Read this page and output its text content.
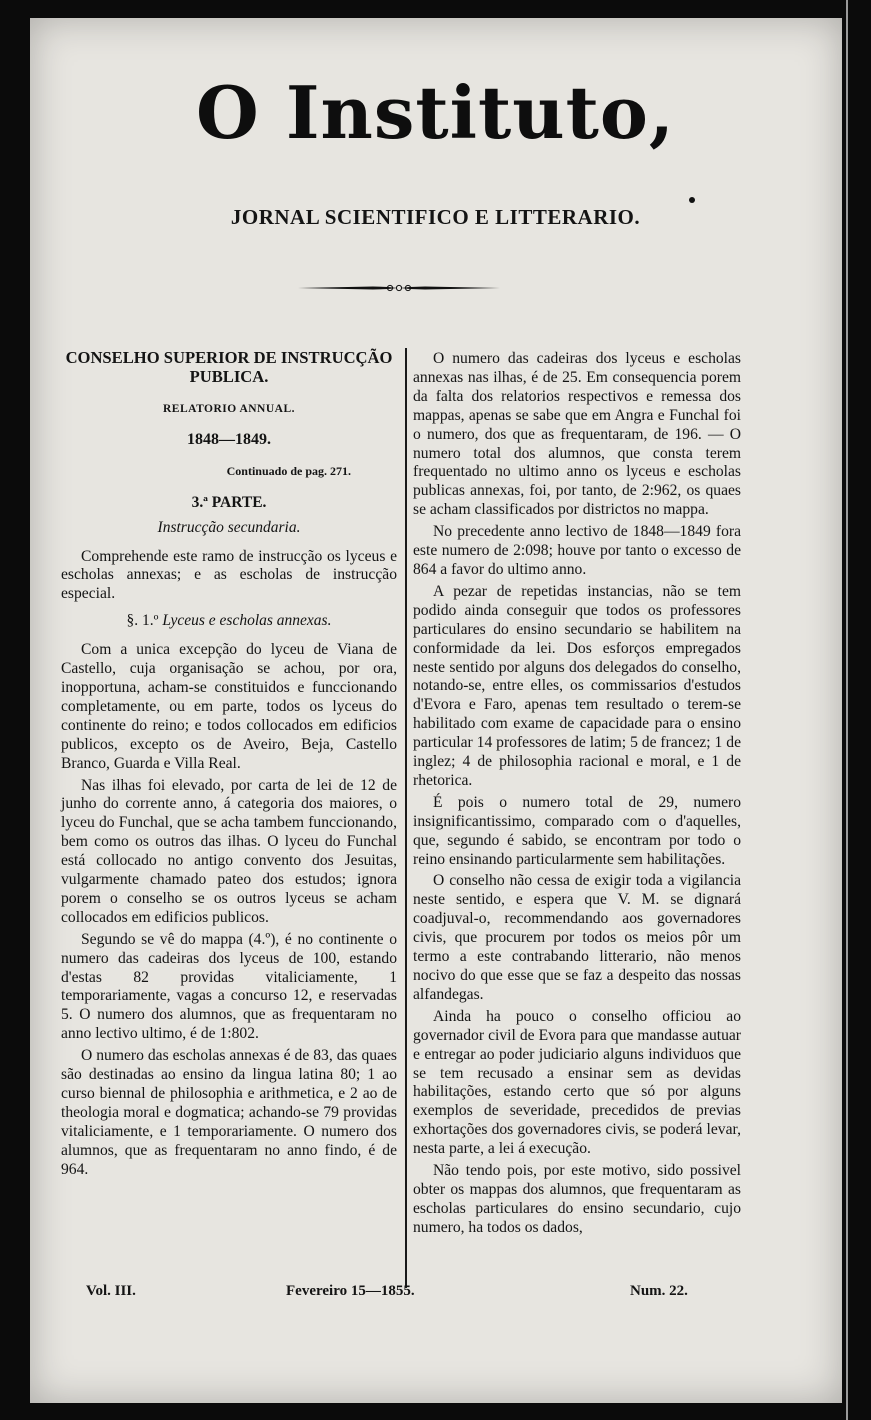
O Instituto,
JORNAL SCIENTIFICO E LITTERARIO.
CONSELHO SUPERIOR DE INSTRUCÇÃO PUBLICA.
RELATORIO ANNUAL.
1848—1849.
Continuado de pag. 271.
3.ª PARTE.
Instrucção secundaria.

Comprehende este ramo de instrucção os lyceus e escholas annexas; e as escholas de instrucção especial.

§. 1.º Lyceus e escholas annexas.

Com a unica excepção do lyceu de Viana de Castello, cuja organisação se achou, por ora, inopportuna, acham-se constituidos e funccionando completamente, ou em parte, todos os lyceus do continente do reino; e todos collocados em edificios publicos, excepto os de Aveiro, Beja, Castello Branco, Guarda e Villa Real.

Nas ilhas foi elevado, por carta de lei de 12 de junho do corrente anno, á categoria dos maiores, o lyceu do Funchal, que se acha tambem funccionando, bem como os outros das ilhas. O lyceu do Funchal está collocado no antigo convento dos Jesuitas, vulgarmente chamado pateo dos estudos; ignora porem o conselho se os outros lyceus se acham collocados em edificios publicos.

Segundo se vê do mappa (4.º), é no continente o numero das cadeiras dos lyceus de 100, estando d'estas 82 providas vitaliciamente, 1 temporariamente, vagas a concurso 12, e reservadas 5. O numero dos alumnos, que as frequentaram no anno lectivo ultimo, é de 1:802.

O numero das escholas annexas é de 83, das quaes são destinadas ao ensino da lingua latina 80; 1 ao curso biennal de philosophia e arithmetica, e 2 ao de theologia moral e dogmatica; achando-se 79 providas vitaliciamente, e 1 temporariamente. O numero dos alumnos, que as frequentaram no anno findo, é de 964.

O numero das cadeiras dos lyceus e escholas annexas nas ilhas, é de 25. Em consequencia porem da falta dos relatorios respectivos e remessa dos mappas, apenas se sabe que em Angra e Funchal foi o numero, dos que as frequentaram, de 196. — O numero total dos alumnos, que consta terem frequentado no ultimo anno os lyceus e escholas publicas annexas, foi, por tanto, de 2:962, os quaes se acham classificados por districtos no mappa.

No precedente anno lectivo de 1848—1849 fora este numero de 2:098; houve por tanto o excesso de 864 a favor do ultimo anno.

A pezar de repetidas instancias, não se tem podido ainda conseguir que todos os professores particulares do ensino secundario se habilitem na conformidade da lei. Dos esforços empregados neste sentido por alguns dos delegados do conselho, notando-se, entre elles, os commissarios d'estudos d'Evora e Faro, apenas tem resultado o terem-se habilitado com exame de capacidade para o ensino particular 14 professores de latim; 5 de francez; 1 de inglez; 4 de philosophia racional e moral, e 1 de rhetorica.

É pois o numero total de 29, numero insignificantissimo, comparado com o d'aquelles, que, segundo é sabido, se encontram por todo o reino ensinando particularmente sem habilitações.

O conselho não cessa de exigir toda a vigilancia neste sentido, e espera que V. M. se dignará coadjuval-o, recommendando aos governadores civis, que procurem por todos os meios pôr um termo a este contrabando litterario, não menos nocivo do que esse que se faz a despeito das nossas alfandegas.

Ainda ha pouco o conselho officiou ao governador civil de Evora para que mandasse autuar e entregar ao poder judiciario alguns individuos que se tem recusado a ensinar sem as devidas habilitações, estando certo que só por alguns exemplos de severidade, precedidos de previas exhortações dos governadores civis, se poderá levar, nesta parte, a lei á execução.

Não tendo pois, por este motivo, sido possivel obter os mappas dos alumnos, que frequentaram as escholas particulares do ensino secundario, cujo numero, ha todos os dados,

Vol. III.	Fevereiro 15—1855.	Num. 22.
